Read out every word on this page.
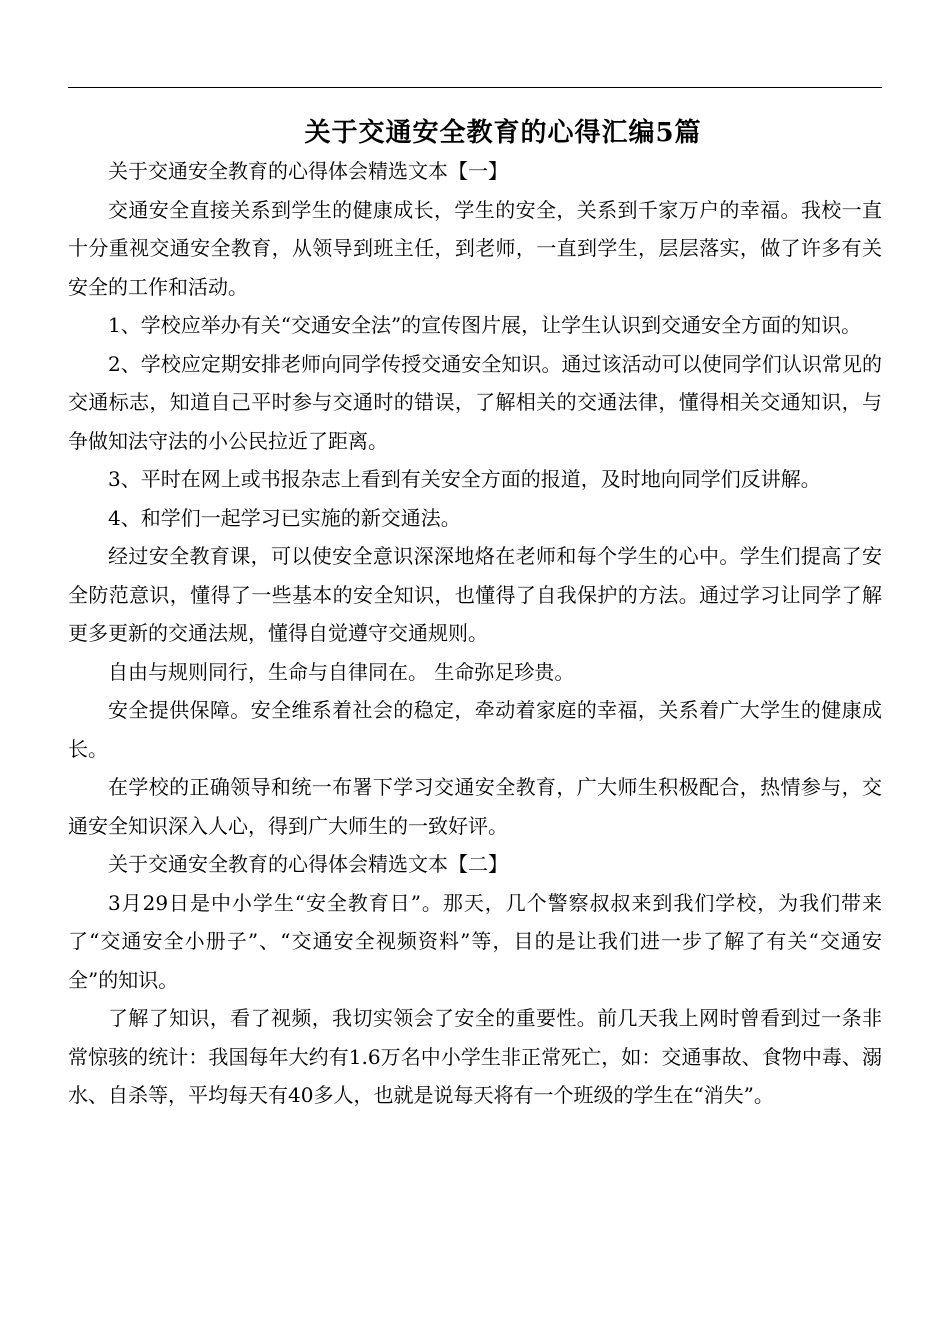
关于交通安全教育的心得汇编5篇

关于交通安全教育的心得体会精选文本【一】

交通安全直接关系到学生的健康成长，学生的安全，关系到千家万户的幸福。我校一直十分重视交通安全教育，从领导到班主任，到老师，一直到学生，层层落实，做了许多有关安全的工作和活动。

1、学校应举办有关“交通安全法”的宣传图片展，让学生认识到交通安全方面的知识。

2、学校应定期安排老师向同学传授交通安全知识。通过该活动可以使同学们认识常见的交通标志，知道自己平时参与交通时的错误，了解相关的交通法律，懂得相关交通知识，与争做知法守法的小公民拉近了距离。

3、平时在网上或书报杂志上看到有关安全方面的报道，及时地向同学们反讲解。

4、和学们一起学习已实施的新交通法。

经过安全教育课，可以使安全意识深深地烙在老师和每个学生的心中。学生们提高了安全防范意识，懂得了一些基本的安全知识，也懂得了自我保护的方法。通过学习让同学了解更多更新的交通法规，懂得自觉遵守交通规则。

自由与规则同行，生命与自律同在。 生命弥足珍贵。

安全提供保障。安全维系着社会的稳定，牵动着家庭的幸福，关系着广大学生的健康成长。

在学校的正确领导和统一布署下学习交通安全教育，广大师生积极配合，热情参与，交通安全知识深入人心，得到广大师生的一致好评。

关于交通安全教育的心得体会精选文本【二】

3月29日是中小学生“安全教育日”。那天，几个警察叔叔来到我们学校，为我们带来了“交通安全小册子”、“交通安全视频资料”等，目的是让我们进一步了解了有关“交通安全”的知识。

了解了知识，看了视频，我切实领会了安全的重要性。前几天我上网时曾看到过一条非常惊骇的统计：我国每年大约有1.6万名中小学生非正常死亡，如：交通事故、食物中毒、溺水、自杀等，平均每天有40多人，也就是说每天将有一个班级的学生在“消失”。
